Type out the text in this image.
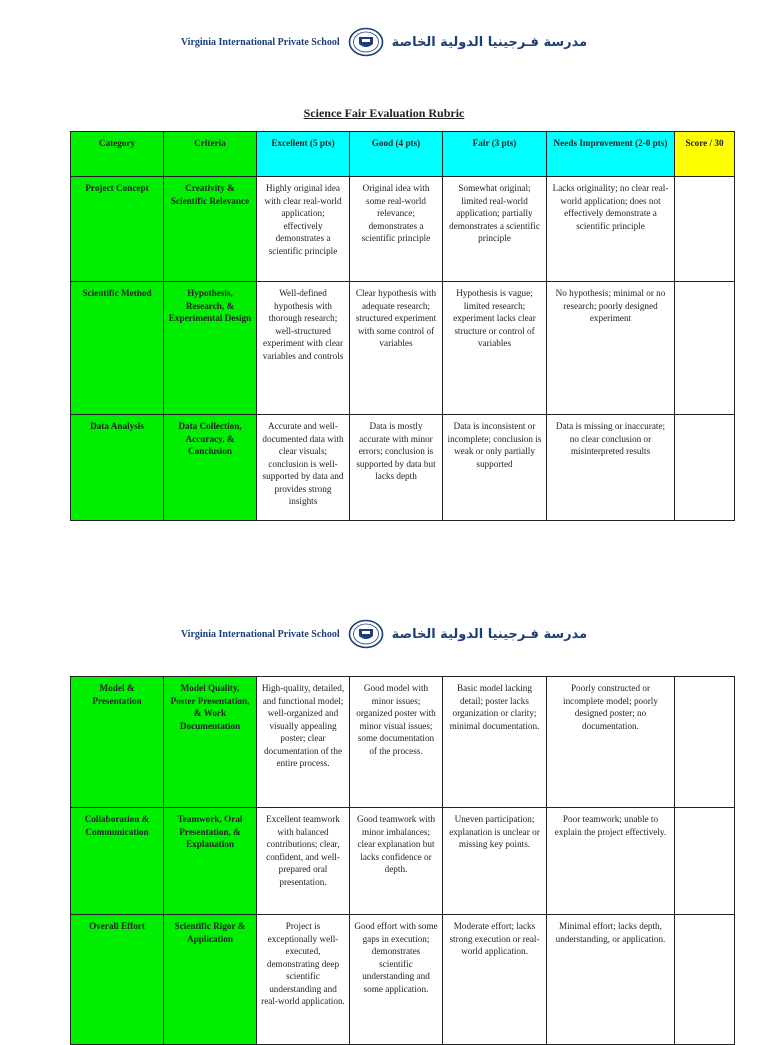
Virginia International Private School	مدرسة فـرجينيا الدولية الخاصة
Science Fair Evaluation Rubric
Category	Criteria	Excellent (5 pts)	Good (4 pts)	Fair (3 pts)	Needs Improvement (2-0 pts)	Score / 30
Project Concept	Creativity & Scientific Relevance	Highly original idea with clear real-world application; effectively demonstrates a scientific principle	Original idea with some real-world relevance; demonstrates a scientific principle	Somewhat original; limited real-world application; partially demonstrates a scientific principle	Lacks originality; no clear real-world application; does not effectively demonstrate a scientific principle	
Scientific Method	Hypothesis, Research, & Experimental Design	Well-defined hypothesis with thorough research; well-structured experiment with clear variables and controls	Clear hypothesis with adequate research; structured experiment with some control of variables	Hypothesis is vague; limited research; experiment lacks clear structure or control of variables	No hypothesis; minimal or no research; poorly designed experiment	
Data Analysis	Data Collection, Accuracy, & Conclusion	Accurate and well-documented data with clear visuals; conclusion is well-supported by data and provides strong insights	Data is mostly accurate with minor errors; conclusion is supported by data but lacks depth	Data is inconsistent or incomplete; conclusion is weak or only partially supported	Data is missing or inaccurate; no clear conclusion or misinterpreted results	
Virginia International Private School	مدرسة فـرجينيا الدولية الخاصة
Model & Presentation	Model Quality, Poster Presentation, & Work Documentation	High-quality, detailed, and functional model; well-organized and visually appealing poster; clear documentation of the entire process.	Good model with minor issues; organized poster with minor visual issues; some documentation of the process.	Basic model lacking detail; poster lacks organization or clarity; minimal documentation.	Poorly constructed or incomplete model; poorly designed poster; no documentation.	
Collaboration & Communication	Teamwork, Oral Presentation, & Explanation	Excellent teamwork with balanced contributions; clear, confident, and well-prepared oral presentation.	Good teamwork with minor imbalances; clear explanation but lacks confidence or depth.	Uneven participation; explanation is unclear or missing key points.	Poor teamwork; unable to explain the project effectively.	
Overall Effort	Scientific Rigor & Application	Project is exceptionally well-executed, demonstrating deep scientific understanding and real-world application.	Good effort with some gaps in execution; demonstrates scientific understanding and some application.	Moderate effort; lacks strong execution or real-world application.	Minimal effort; lacks depth, understanding, or application.	
